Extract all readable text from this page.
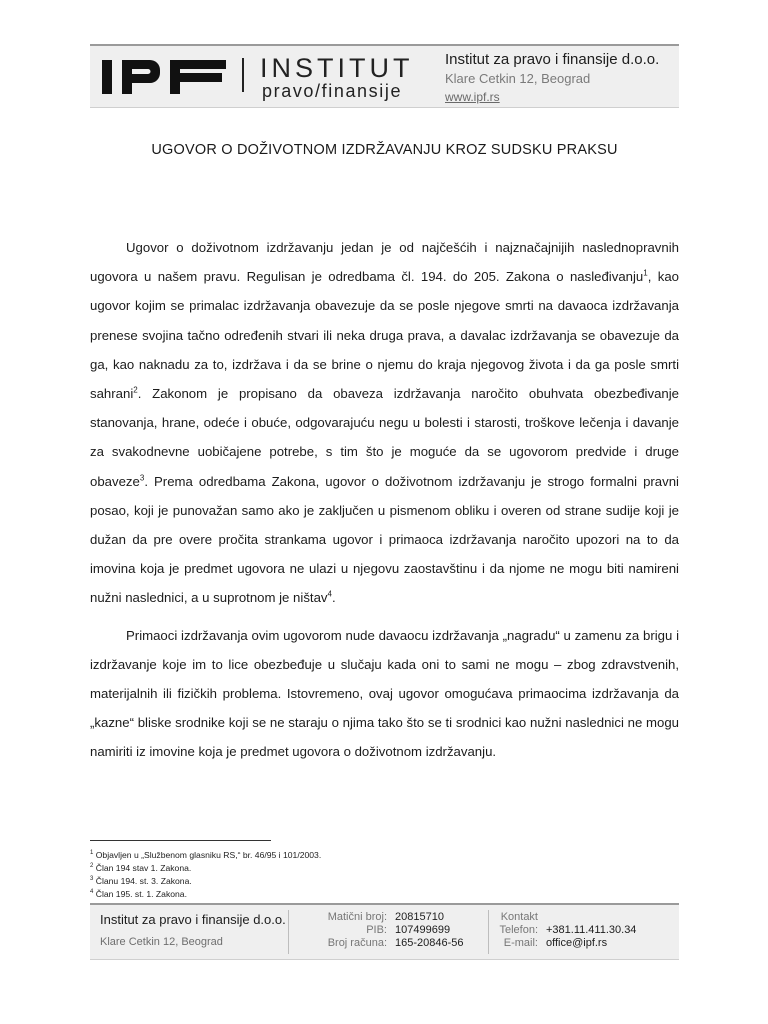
INSTITUT
pravo/finansije
Institut za pravo i finansije d.o.o.
Klare Cetkin 12, Beograd
www.ipf.rs
UGOVOR O DOŽIVOTNOM IZDRŽAVANJU KROZ SUDSKU PRAKSU

Ugovor o doživotnom izdržavanju jedan je od najčešćih i najznačajnijih naslednopravnih ugovora u našem pravu. Regulisan je odredbama čl. 194. do 205. Zakona o nasleđivanju$^1$, kao ugovor kojim se primalac izdržavanja obavezuje da se posle njegove smrti na davaoca izdržavanja prenese svojina tačno određenih stvari ili neka druga prava, a davalac izdržavanja se obavezuje da ga, kao naknadu za to, izdržava i da se brine o njemu do kraja njegovog života i da ga posle smrti sahrani$^2$. Zakonom je propisano da obaveza izdržavanja naročito obuhvata obezbeđivanje stanovanja, hrane, odeće i obuće, odgovarajuću negu u bolesti i starosti, troškove lečenja i davanje za svakodnevne uobičajene potrebe, s tim što je moguće da se ugovorom predvide i druge obaveze$^3$. Prema odredbama Zakona, ugovor o doživotnom izdržavanju je strogo formalni pravni posao, koji je punovažan samo ako je zaključen u pismenom obliku i overen od strane sudije koji je dužan da pre overe pročita strankama ugovor i primaoca izdržavanja naročito upozori na to da imovina koja je predmet ugovora ne ulazi u njegovu zaostavštinu i da njome ne mogu biti namireni nužni naslednici, a u suprotnom je ništav$^4$.

Primaoci izdržavanja ovim ugovorom nude davaocu izdržavanja „nagradu“ u zamenu za brigu i izdržavanje koje im to lice obezbeđuje u slučaju kada oni to sami ne mogu – zbog zdravstvenih, materijalnih ili fizičkih problema. Istovremeno, ovaj ugovor omogućava primaocima izdržavanja da „kazne“ bliske srodnike koji se ne staraju o njima tako što se ti srodnici kao nužni naslednici ne mogu namiriti iz imovine koja je predmet ugovora o doživotnom izdržavanju.

$^1$ Objavljen u „Službenom glasniku RS,“ br. 46/95 i 101/2003.
$^2$ Član 194 stav 1. Zakona.
$^3$ Članu 194. st. 3. Zakona.
$^4$ Član 195. st. 1. Zakona.
Institut za pravo i finansije d.o.o.
Klare Cetkin 12, Beograd
Matični broj:
PIB:
Broj računa:
20815710
107499699
165-20846-56
Kontakt
Telefon:
E-mail:
+381.11.411.30.34
office@ipf.rs
